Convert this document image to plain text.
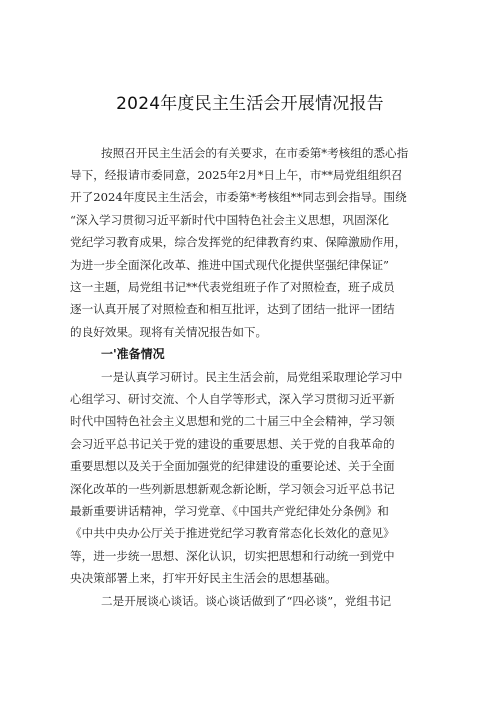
2024年度民主生活会开展情况报告
按照召开民主生活会的有关要求，在市委第*考核组的悉心指
导下，经报请市委同意，2025年2月*日上午，市**局党组组织召
开了2024年度民主生活会，市委第*考核组**同志到会指导。围绕
“深入学习贯彻习近平新时代中国特色社会主义思想，巩固深化
党纪学习教育成果，综合发挥党的纪律教育约束、保障激励作用，
为进一步全面深化改革、推进中国式现代化提供坚强纪律保证”
这一主题，局党组书记**代表党组班子作了对照检查，班子成员
逐一认真开展了对照检查和相互批评，达到了团结一批评一团结
的良好效果。现将有关情况报告如下。
一'准备情况
一是认真学习研讨。民主生活会前，局党组采取理论学习中
心组学习、研讨交流、个人自学等形式，深入学习贯彻习近平新
时代中国特色社会主义思想和党的二十届三中全会精神，学习领
会习近平总书记关于党的建设的重要思想、关于党的自我革命的
重要思想以及关于全面加强党的纪律建设的重要论述、关于全面
深化改革的一些列新思想新观念新论断，学习领会习近平总书记
最新重要讲话精神，学习党章、《中国共产党纪律处分条例》和
《中共中央办公厅关于推进党纪学习教育常态化长效化的意见》
等，进一步统一思想、深化认识，切实把思想和行动统一到党中
央决策部署上来，打牢开好民主生活会的思想基础。
二是开展谈心谈话。谈心谈话做到了“四必谈”，党组书记
